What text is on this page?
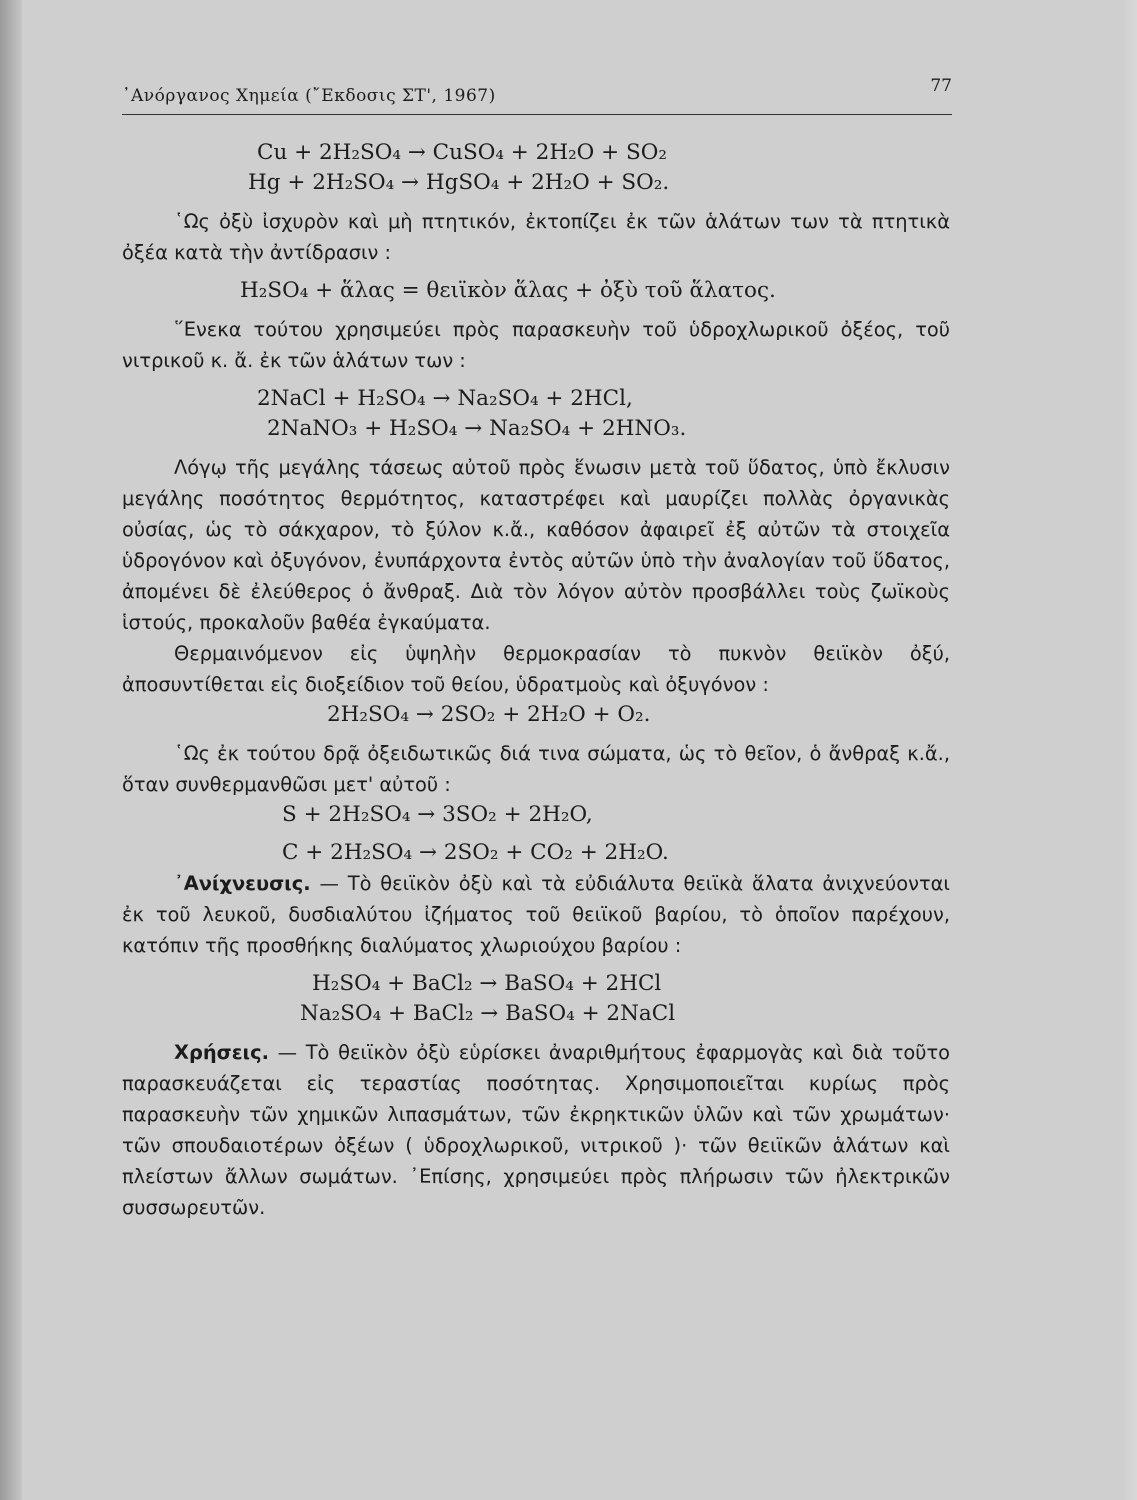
᾿Ανόργανος Χημεία (῎Εκδοσις ΣΤ', 1967)	77
Cu + 2H₂SO₄ → CuSO₄ + 2H₂O + SO₂
Hg + 2H₂SO₄ → HgSO₄ + 2H₂O + SO₂.

῾Ως ὀξὺ ἰσχυρὸν καὶ μὴ πτητικόν, ἐκτοπίζει ἐκ τῶν ἁλάτων των τὰ πτητικὰ ὀξέα κατὰ τὴν ἀντίδρασιν :

H₂SO₄ + ἅλας = θειϊκὸν ἅλας + ὀξὺ τοῦ ἅλατος.

῞Ενεκα τούτου χρησιμεύει πρὸς παρασκευὴν τοῦ ὑδροχλωρικοῦ ὀξέος, τοῦ νιτρικοῦ κ. ἄ. ἐκ τῶν ἁλάτων των :

2NaCl + H₂SO₄ → Na₂SO₄ + 2HCl,
2NaNO₃ + H₂SO₄ → Na₂SO₄ + 2HNO₃.

Λόγῳ τῆς μεγάλης τάσεως αὐτοῦ πρὸς ἕνωσιν μετὰ τοῦ ὕδατος, ὑπὸ ἔκλυσιν μεγάλης ποσότητος θερμότητος, καταστρέφει καὶ μαυρίζει πολλὰς ὀργανικὰς οὐσίας, ὡς τὸ σάκχαρον, τὸ ξύλον κ.ἄ., καθόσον ἀφαιρεῖ ἐξ αὐτῶν τὰ στοιχεῖα ὑδρογόνον καὶ ὀξυγόνον, ἐνυπάρχοντα ἐντὸς αὐτῶν ὑπὸ τὴν ἀναλογίαν τοῦ ὕδατος, ἀπομένει δὲ ἐλεύθερος ὁ ἄνθραξ. Διὰ τὸν λόγον αὐτὸν προσβάλλει τοὺς ζωϊκοὺς ἱστούς, προκαλοῦν βαθέα ἐγκαύματα.

Θερμαινόμενον εἰς ὑψηλὴν θερμοκρασίαν τὸ πυκνὸν θειϊκὸν ὀξύ, ἀποσυντίθεται εἰς διοξείδιον τοῦ θείου, ὑδρατμοὺς καὶ ὀξυγόνον :

2H₂SO₄ → 2SO₂ + 2H₂O + O₂.

῾Ως ἐκ τούτου δρᾷ ὀξειδωτικῶς διά τινα σώματα, ὡς τὸ θεῖον, ὁ ἄνθραξ κ.ἄ., ὅταν συνθερμανθῶσι μετ' αὐτοῦ :

S + 2H₂SO₄ → 3SO₂ + 2H₂O,
C + 2H₂SO₄ → 2SO₂ + CO₂ + 2H₂O.

᾿Ανίχνευσις. — Τὸ θειϊκὸν ὀξὺ καὶ τὰ εὐδιάλυτα θειϊκὰ ἅλατα ἀνιχνεύονται ἐκ τοῦ λευκοῦ, δυσδιαλύτου ἰζήματος τοῦ θειϊκοῦ βαρίου, τὸ ὁποῖον παρέχουν, κατόπιν τῆς προσθήκης διαλύματος χλωριούχου βαρίου :

H₂SO₄ + BaCl₂ → BaSO₄ + 2HCl
Na₂SO₄ + BaCl₂ → BaSO₄ + 2NaCl

Χρήσεις. — Τὸ θειϊκὸν ὀξὺ εὑρίσκει ἀναριθμήτους ἐφαρμογὰς καὶ διὰ τοῦτο παρασκευάζεται εἰς τεραστίας ποσότητας. Χρησιμοποιεῖται κυρίως πρὸς παρασκευὴν τῶν χημικῶν λιπασμάτων, τῶν ἐκρηκτικῶν ὑλῶν καὶ τῶν χρωμάτων· τῶν σπουδαιοτέρων ὀξέων ( ὑδροχλωρικοῦ, νιτρικοῦ )· τῶν θειϊκῶν ἁλάτων καὶ πλείστων ἄλλων σωμάτων. ᾿Επίσης, χρησιμεύει πρὸς πλήρωσιν τῶν ἠλεκτρικῶν συσσωρευτῶν.
